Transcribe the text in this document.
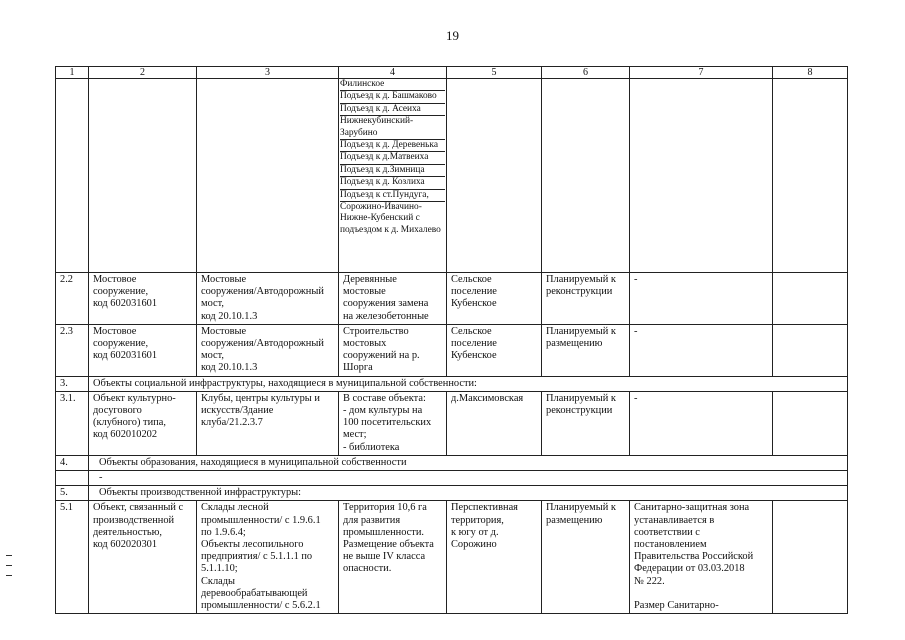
19
1	2	3	4	5	6	7	8

Филинское
Подъезд к д. Башмаково
Подъезд к д. Асеиха
Нижнекубинский-Зарубино
Подъезд к д. Деревенька
Подъезд к д.Матвеиха
Подъезд к д.Зимница
Подъезд к д. Козлиха
Подъезд к ст.Пундуга,
Сорожино-Ивачино-Нижне-Кубенский с подъездом к д. Михалево

2.2	Мостовое
сооружение,
код 602031601	Мостовые
сооружения/Автодорожный
мост,
код 20.10.1.3	Деревянные
мостовые
сооружения замена
на железобетонные	Сельское
поселение
Кубенское	Планируемый к
реконструкции	-	
2.3	Мостовое
сооружение,
код 602031601	Мостовые
сооружения/Автодорожный
мост,
код 20.10.1.3	Строительство
мостовых
сооружений на р.
Шорга	Сельское
поселение
Кубенское	Планируемый к
размещению	-	
3.	Объекты социальной инфраструктуры, находящиеся в муниципальной собственности:
3.1.	Объект культурно-
досугового
(клубного) типа,
код 602010202	Клубы, центры культуры и
искусств/Здание
клуба/21.2.3.7	В составе объекта:
- дом культуры на
100 посетительских
мест;
- библиотека	д.Максимовская	Планируемый к
реконструкции	-	
4.	Объекты образования, находящиеся в муниципальной собственности
	-
5.	Объекты производственной инфраструктуры:
5.1	Объект, связанный с
производственной
деятельностью,
код 602020301	Склады лесной
промышленности/ с 1.9.6.1
по 1.9.6.4;
Объекты лесопильного
предприятия/ с 5.1.1.1 по
5.1.1.10;
Склады
деревообрабатывающей
промышленности/ с 5.6.2.1	Территория 10,6 га
для развития
промышленности.
Размещение объекта
не выше IV класса
опасности.	Перспективная
территория,
к югу от д.
Сорожино	Планируемый к
размещению	Санитарно-защитная зона
устанавливается в
соответствии с
постановлением
Правительства Российской
Федерации от 03.03.2018
№ 222.

Размер Санитарно-	
